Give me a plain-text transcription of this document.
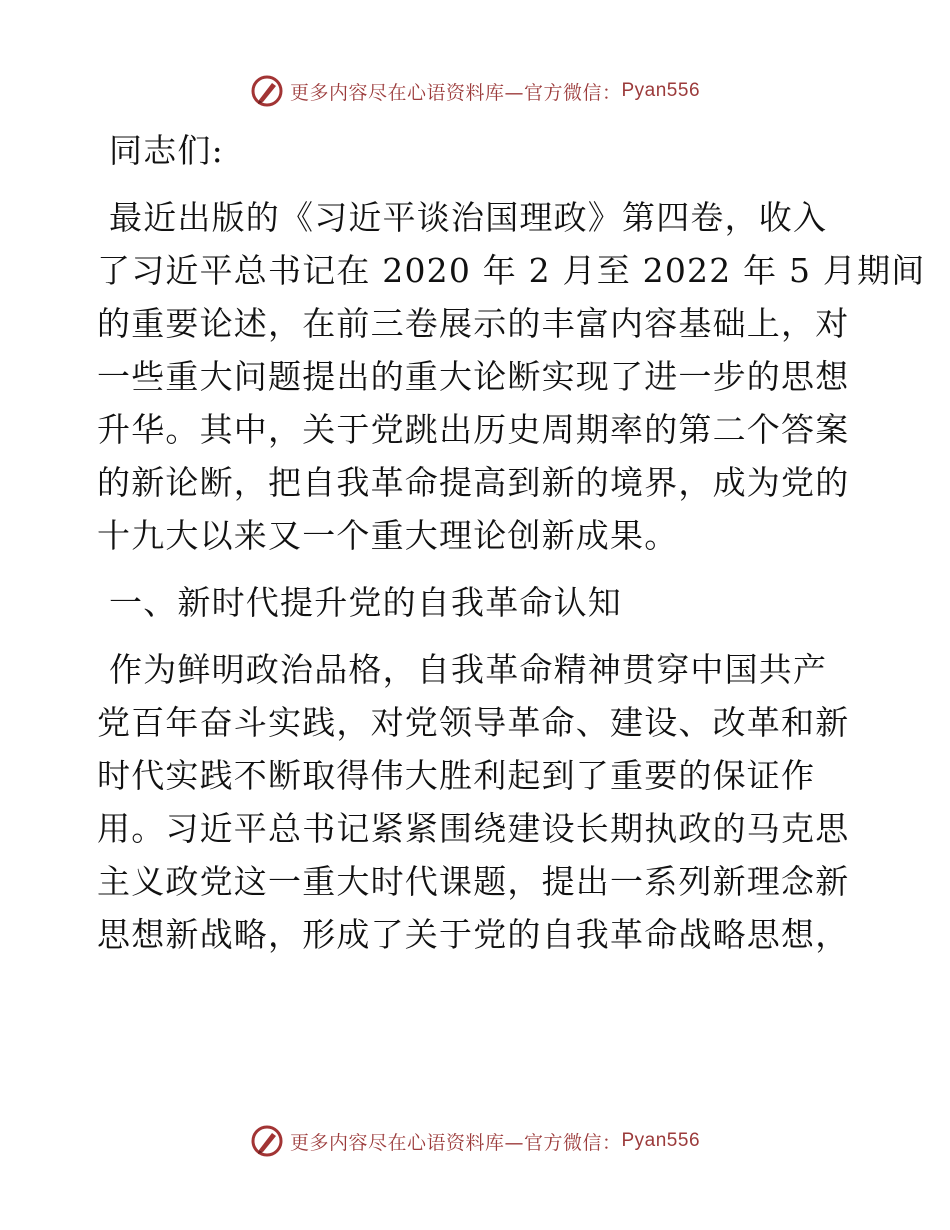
更多内容尽在心语资料库—官方微信： Pyan556
同志们:
最近出版的《习近平谈治国理政》第四卷，收入
了习近平总书记在 2020 年 2 月至 2022 年 5 月期间
的重要论述，在前三卷展示的丰富内容基础上，对
一些重大问题提出的重大论断实现了进一步的思想
升华。其中，关于党跳出历史周期率的第二个答案
的新论断，把自我革命提高到新的境界，成为党的
十九大以来又一个重大理论创新成果。
一、新时代提升党的自我革命认知
作为鲜明政治品格，自我革命精神贯穿中国共产
党百年奋斗实践，对党领导革命、建设、改革和新
时代实践不断取得伟大胜利起到了重要的保证作
用。习近平总书记紧紧围绕建设长期执政的马克思
主义政党这一重大时代课题，提出一系列新理念新
思想新战略，形成了关于党的自我革命战略思想，
更多内容尽在心语资料库—官方微信： Pyan556
